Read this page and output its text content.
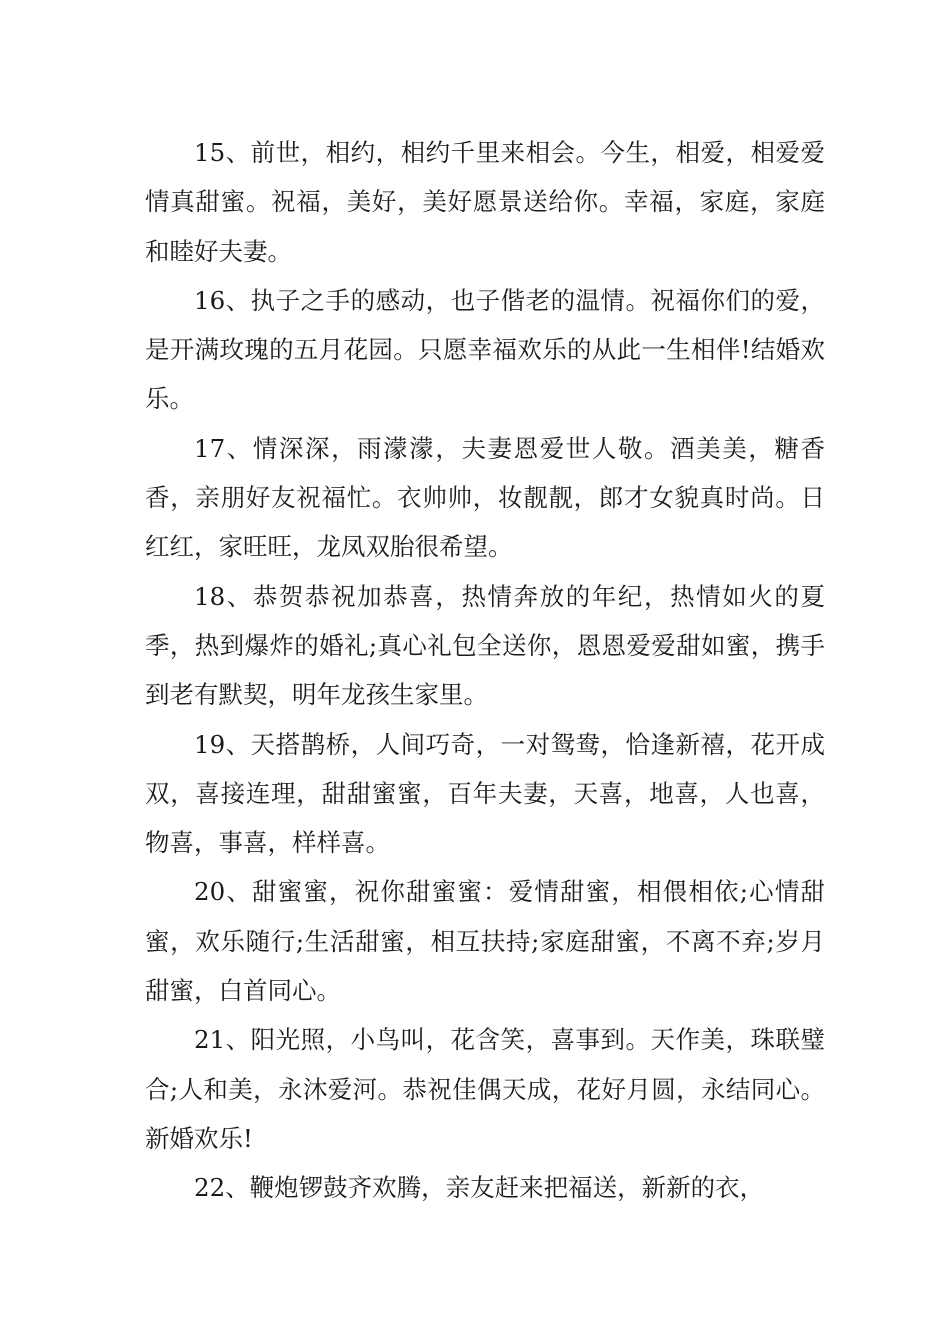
15、前世，相约，相约千里来相会。今生，相爱，相爱爱情真甜蜜。祝福，美好，美好愿景送给你。幸福，家庭，家庭和睦好夫妻。

16、执子之手的感动，也子偕老的温情。祝福你们的爱，是开满玫瑰的五月花园。只愿幸福欢乐的从此一生相伴!结婚欢乐。

17、情深深，雨濛濛，夫妻恩爱世人敬。酒美美，糖香香，亲朋好友祝福忙。衣帅帅，妆靓靓，郎才女貌真时尚。日红红，家旺旺，龙凤双胎很希望。

18、恭贺恭祝加恭喜，热情奔放的年纪，热情如火的夏季，热到爆炸的婚礼;真心礼包全送你，恩恩爱爱甜如蜜，携手到老有默契，明年龙孩生家里。

19、天搭鹊桥，人间巧奇，一对鸳鸯，恰逢新禧，花开成双，喜接连理，甜甜蜜蜜，百年夫妻，天喜，地喜，人也喜，物喜，事喜，样样喜。

20、甜蜜蜜，祝你甜蜜蜜：爱情甜蜜，相偎相依;心情甜蜜，欢乐随行;生活甜蜜，相互扶持;家庭甜蜜，不离不弃;岁月甜蜜，白首同心。

21、阳光照，小鸟叫，花含笑，喜事到。天作美，珠联璧合;人和美，永沐爱河。恭祝佳偶天成，花好月圆，永结同心。新婚欢乐!

22、鞭炮锣鼓齐欢腾，亲友赶来把福送，新新的衣，
